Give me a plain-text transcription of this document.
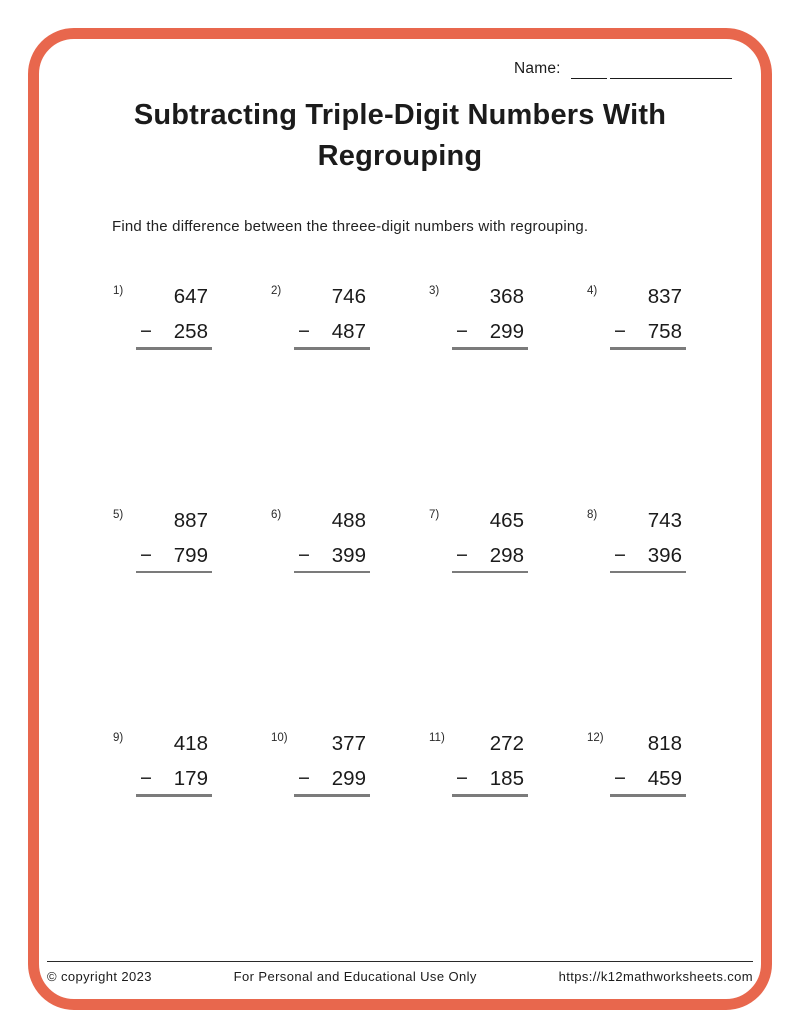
Name:
Subtracting Triple-Digit Numbers With
Regrouping
Find the difference between the threee-digit numbers with regrouping.
1)	647
− 258
2)	746
− 487
3)	368
− 299
4)	837
− 758
5)	887
− 799
6)	488
− 399
7)	465
− 298
8)	743
− 396
9)	418
− 179
10)	377
− 299
11)	272
− 185
12)	818
− 459
© copyright 2023	For Personal and Educational Use Only	https://k12mathworksheets.com
